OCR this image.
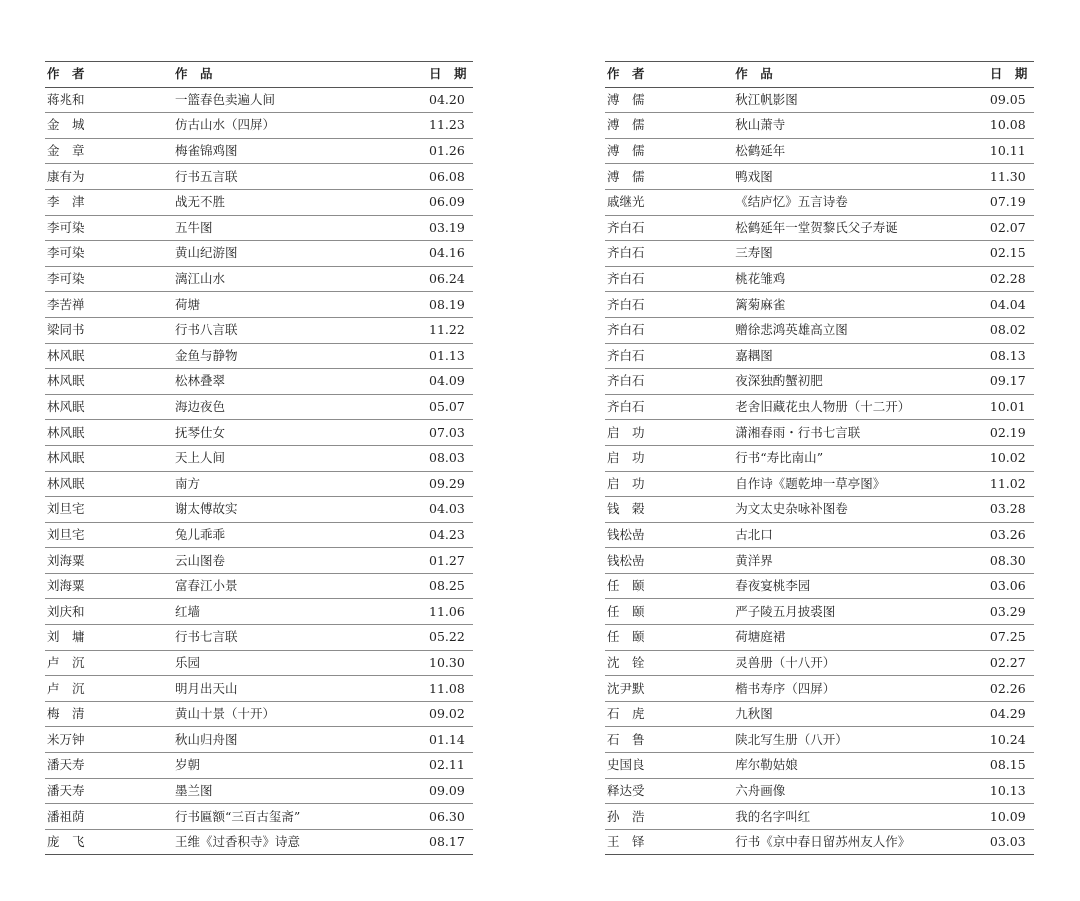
作　者	作　品	日　期
蒋兆和	一篮春色卖遍人间	04.20
金　城	仿古山水（四屏）	11.23
金　章	梅雀锦鸡图	01.26
康有为	行书五言联	06.08
李　津	战无不胜	06.09
李可染	五牛图	03.19
李可染	黄山纪游图	04.16
李可染	漓江山水	06.24
李苦禅	荷塘	08.19
梁同书	行书八言联	11.22
林风眠	金鱼与静物	01.13
林风眠	松林叠翠	04.09
林风眠	海边夜色	05.07
林风眠	抚琴仕女	07.03
林风眠	天上人间	08.03
林风眠	南方	09.29
刘旦宅	谢太傅故实	04.03
刘旦宅	兔儿乖乖	04.23
刘海粟	云山图卷	01.27
刘海粟	富春江小景	08.25
刘庆和	红墙	11.06
刘　墉	行书七言联	05.22
卢　沉	乐园	10.30
卢　沉	明月出天山	11.08
梅　清	黄山十景（十开）	09.02
米万钟	秋山归舟图	01.14
潘天寿	岁朝	02.11
潘天寿	墨兰图	09.09
潘祖荫	行书匾额“三百古玺斋”	06.30
庞　飞	王维《过香积寺》诗意	08.17
作　者	作　品	日　期
溥　儒	秋江帆影图	09.05
溥　儒	秋山萧寺	10.08
溥　儒	松鹤延年	10.11
溥　儒	鸭戏图	11.30
戚继光	《结庐忆》五言诗卷	07.19
齐白石	松鹤延年一堂贺黎氏父子寿诞	02.07
齐白石	三寿图	02.15
齐白石	桃花雏鸡	02.28
齐白石	篱菊麻雀	04.04
齐白石	赠徐悲鸿英雄高立图	08.02
齐白石	嘉耦图	08.13
齐白石	夜深独酌蟹初肥	09.17
齐白石	老舍旧藏花虫人物册（十二开）	10.01
启　功	潇湘春雨・行书七言联	02.19
启　功	行书“寿比南山”	10.02
启　功	自作诗《题乾坤一草亭图》	11.02
钱　榖	为文太史杂咏补图卷	03.28
钱松嵒	古北口	03.26
钱松嵒	黄洋界	08.30
任　颐	春夜宴桃李园	03.06
任　颐	严子陵五月披裘图	03.29
任　颐	荷塘庭裙	07.25
沈　铨	灵兽册（十八开）	02.27
沈尹默	楷书寿序（四屏）	02.26
石　虎	九秋图	04.29
石　鲁	陕北写生册（八开）	10.24
史国良	库尔勒姑娘	08.15
释达受	六舟画像	10.13
孙　浩	我的名字叫红	10.09
王　铎	行书《京中春日留苏州友人作》	03.03
